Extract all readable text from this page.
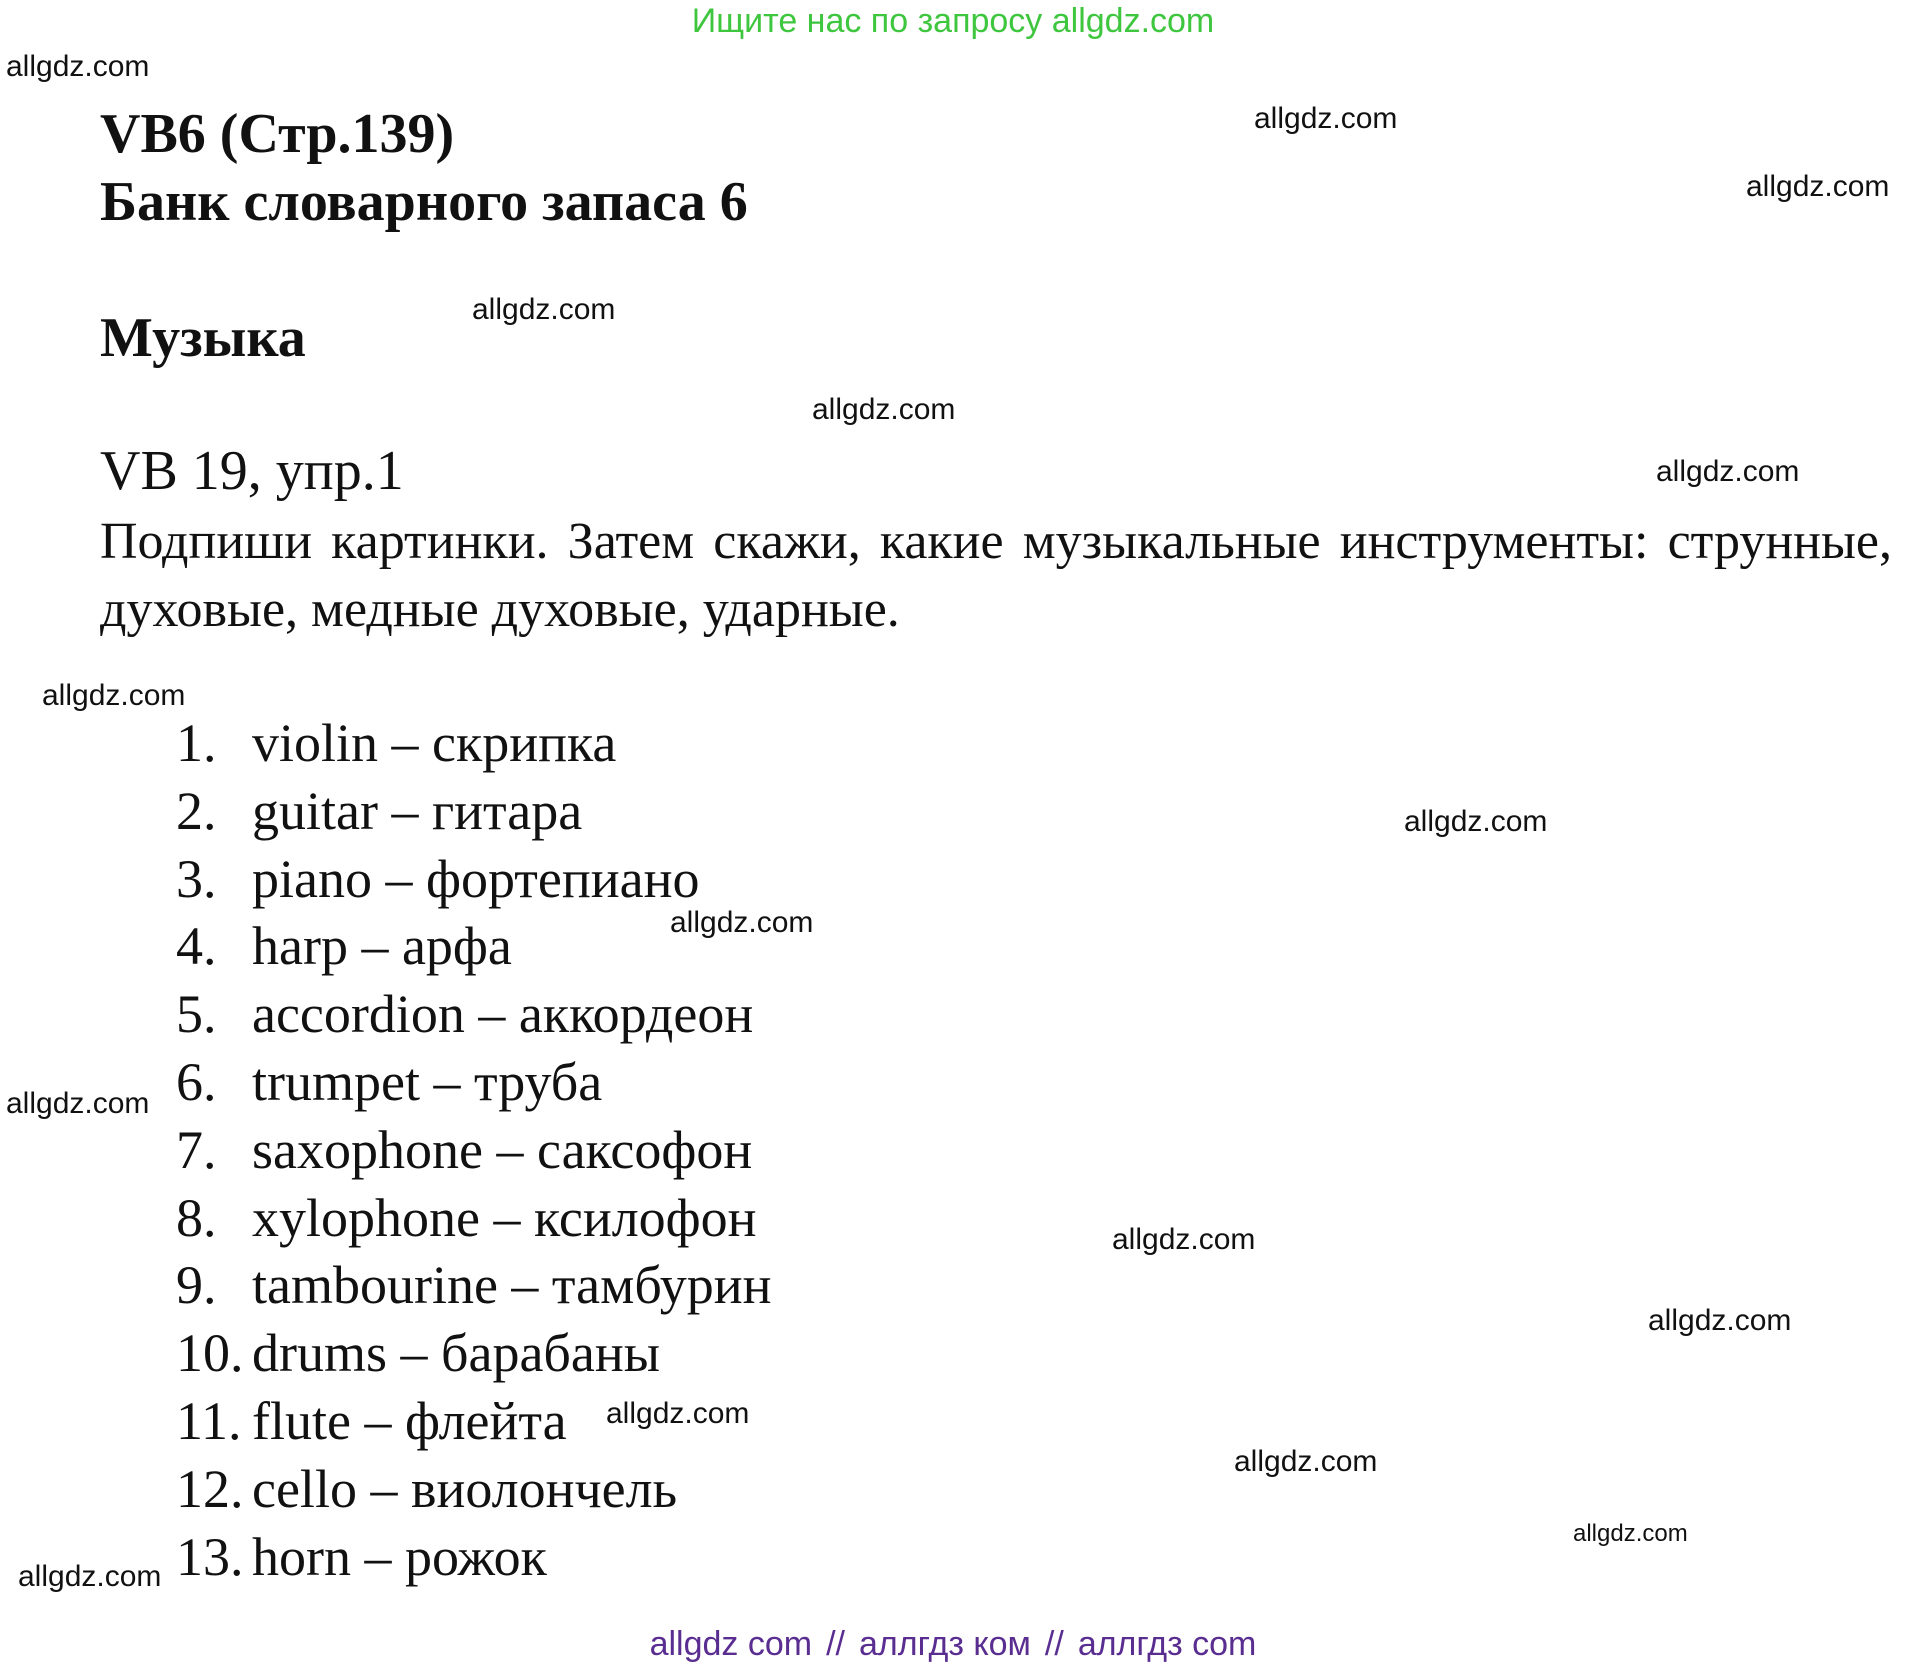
Ищите нас по запросу allgdz.com
VB6 (Стр.139)
Банк словарного запаса 6
Музыка
VB 19, упр.1
Подпиши картинки. Затем скажи, какие музыкальные инструменты: струнные, духовые, медные духовые, ударные.
1. violin – скрипка
2. guitar – гитара
3. piano – фортепиано
4. harp – арфа
5. accordion – аккордеон
6. trumpet – труба
7. saxophone – саксофон
8. xylophone – ксилофон
9. tambourine – тамбурин
10. drums – барабаны
11. flute – флейта
12. cello – виолончель
13. horn – рожок
allgdz.com
allgdz.com
allgdz.com
allgdz.com
allgdz.com
allgdz.com
allgdz.com
allgdz.com
allgdz.com
allgdz.com
allgdz.com
allgdz.com
allgdz.com
allgdz.com
allgdz.com
allgdz.com
allgdz com // аллгдз ком // аллгдз com
